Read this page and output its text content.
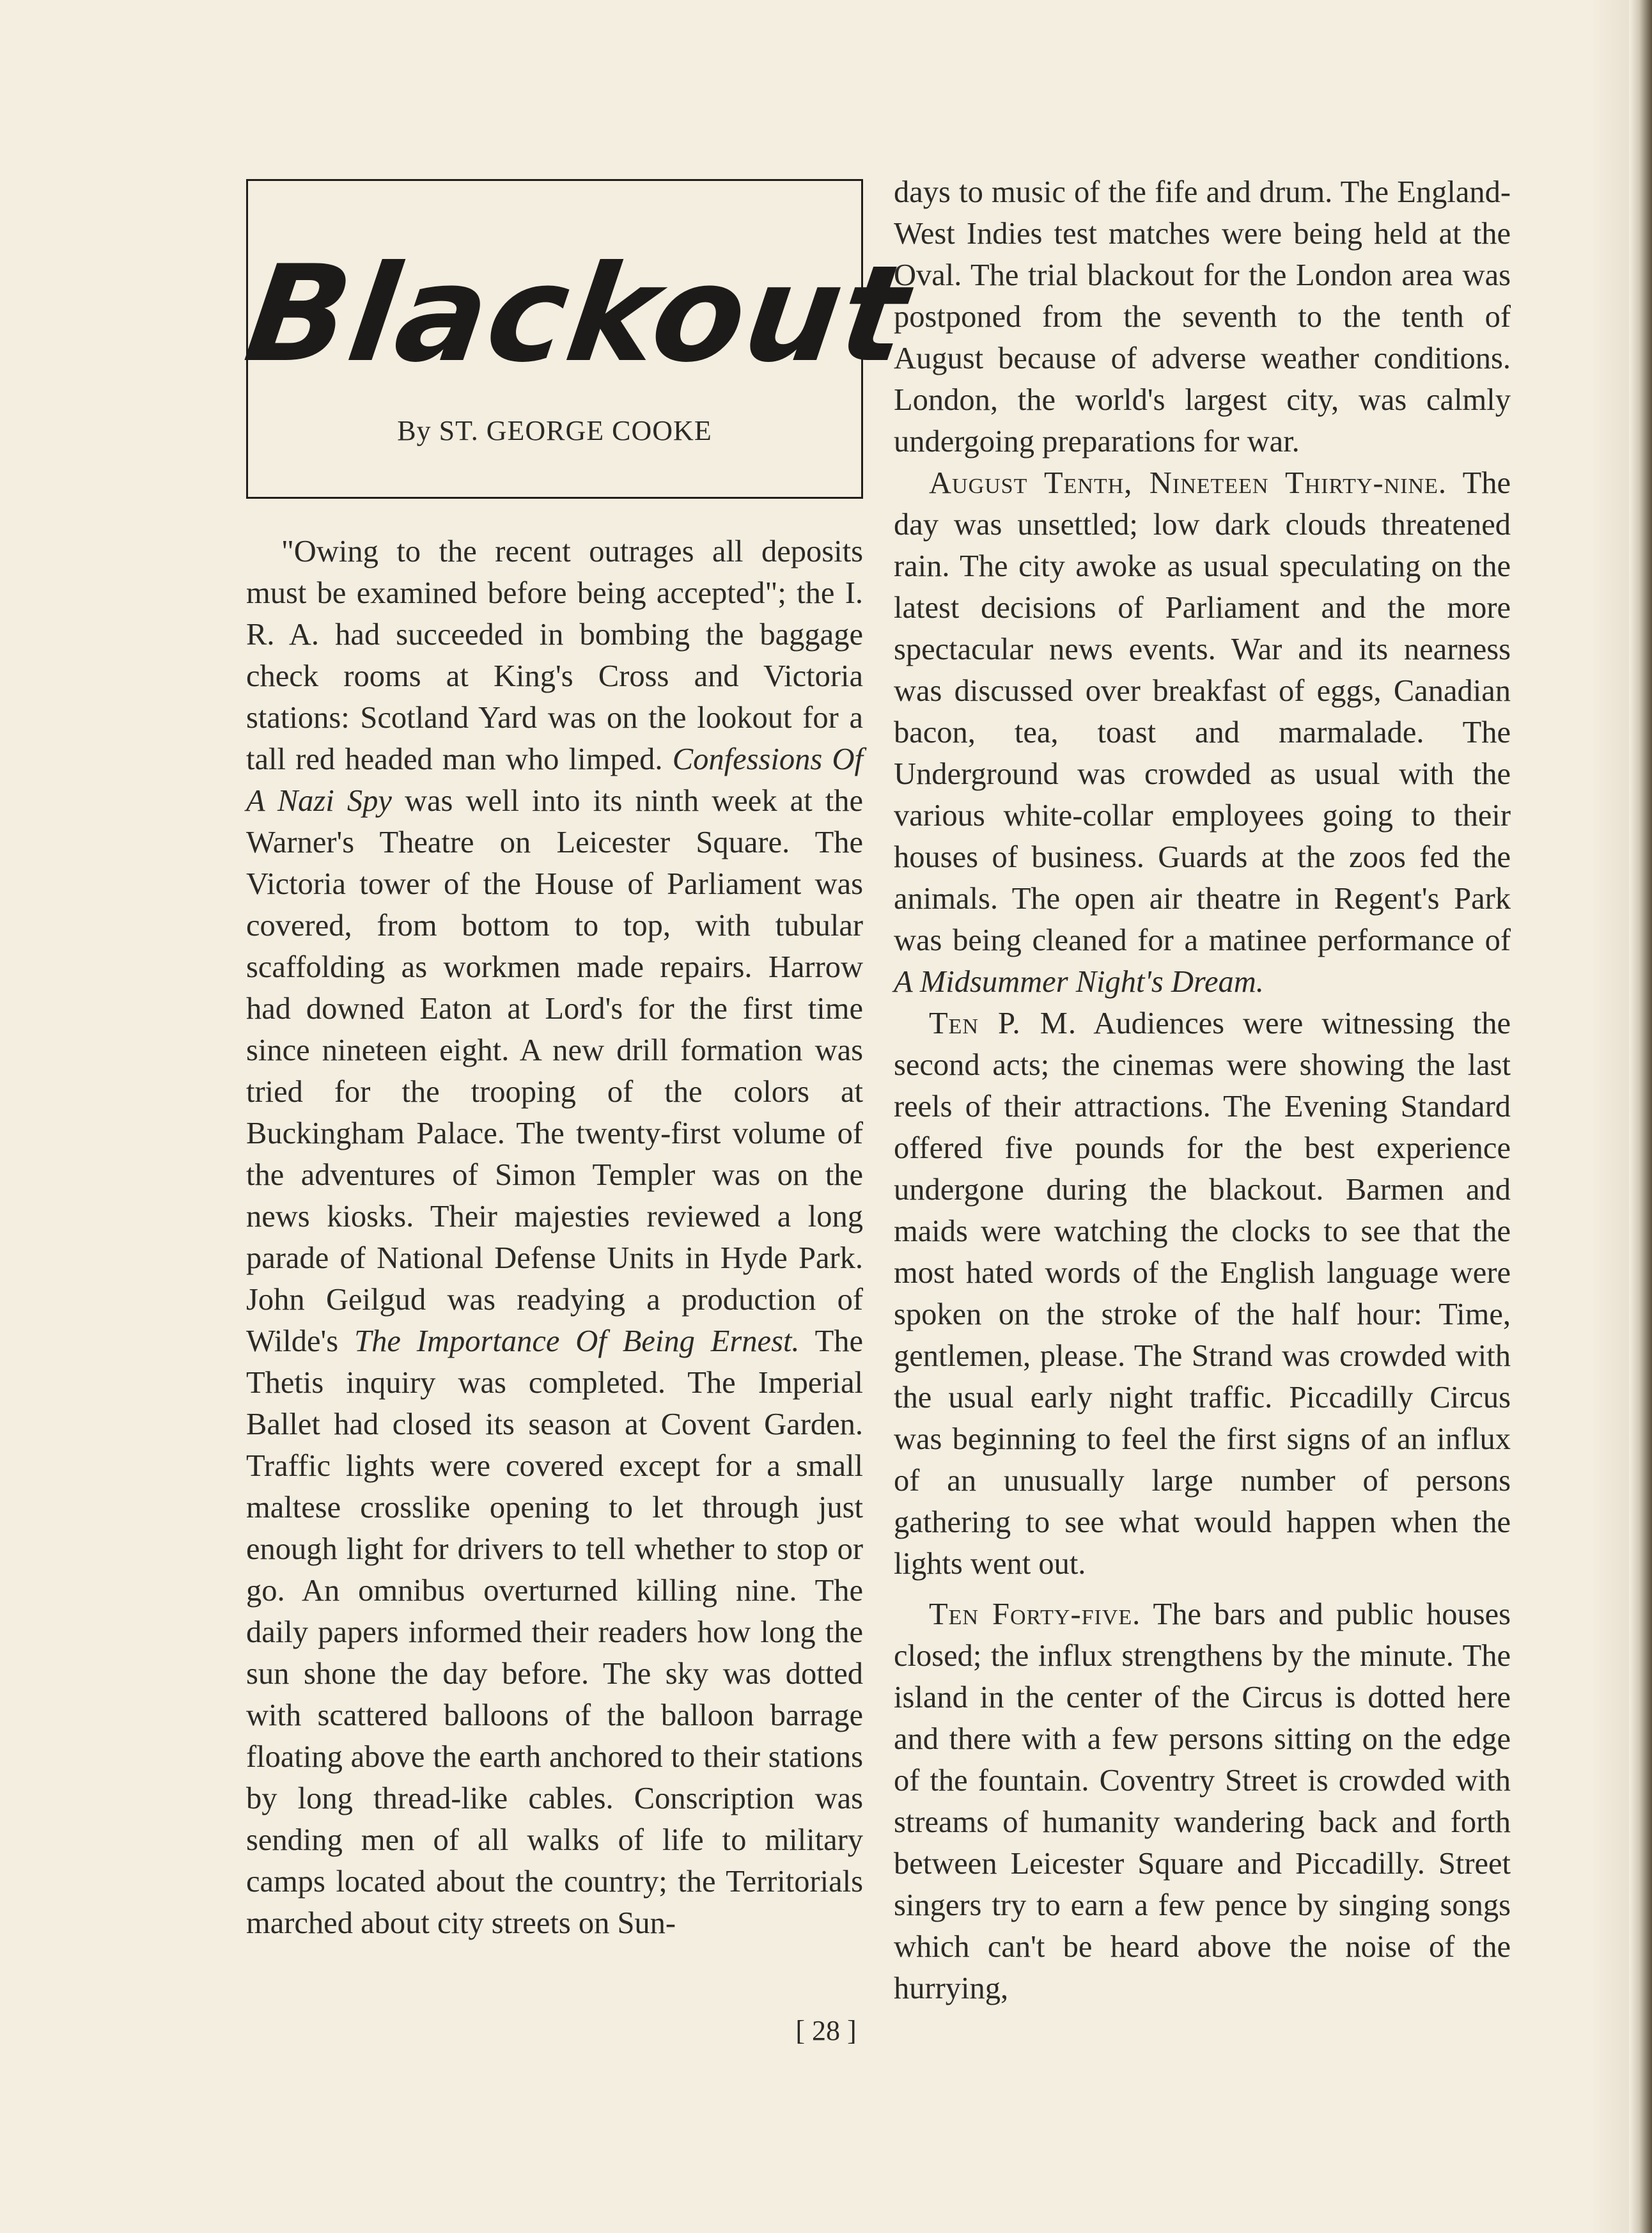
Blackout
By ST. GEORGE COOKE

"Owing to the recent outrages all deposits must be examined before being accepted"; the I. R. A. had succeeded in bombing the baggage check rooms at King's Cross and Victoria stations: Scotland Yard was on the lookout for a tall red headed man who limped. Confessions Of A Nazi Spy was well into its ninth week at the Warner's Theatre on Leicester Square. The Victoria tower of the House of Parliament was covered, from bottom to top, with tubular scaffolding as workmen made repairs. Harrow had downed Eaton at Lord's for the first time since nineteen eight. A new drill formation was tried for the trooping of the colors at Buckingham Palace. The twenty-first volume of the adventures of Simon Templer was on the news kiosks. Their majesties reviewed a long parade of National Defense Units in Hyde Park. John Geilgud was readying a production of Wilde's The Importance Of Being Ernest. The Thetis inquiry was completed. The Imperial Ballet had closed its season at Covent Garden. Traffic lights were covered except for a small maltese crosslike opening to let through just enough light for drivers to tell whether to stop or go. An omnibus overturned killing nine. The daily papers informed their readers how long the sun shone the day before. The sky was dotted with scattered balloons of the balloon barrage floating above the earth anchored to their stations by long thread-like cables. Conscription was sending men of all walks of life to military camps located about the country; the Territorials marched about city streets on Sun-

days to music of the fife and drum. The England-West Indies test matches were being held at the Oval. The trial blackout for the London area was postponed from the seventh to the tenth of August because of adverse weather conditions. London, the world's largest city, was calmly undergoing preparations for war.

August Tenth, Nineteen Thirty-nine. The day was unsettled; low dark clouds threatened rain. The city awoke as usual speculating on the latest decisions of Parliament and the more spectacular news events. War and its nearness was discussed over breakfast of eggs, Canadian bacon, tea, toast and marmalade. The Underground was crowded as usual with the various white-collar employees going to their houses of business. Guards at the zoos fed the animals. The open air theatre in Regent's Park was being cleaned for a matinee performance of A Midsummer Night's Dream.

Ten P. M. Audiences were witnessing the second acts; the cinemas were showing the last reels of their attractions. The Evening Standard offered five pounds for the best experience undergone during the blackout. Barmen and maids were watching the clocks to see that the most hated words of the English language were spoken on the stroke of the half hour: Time, gentlemen, please. The Strand was crowded with the usual early night traffic. Piccadilly Circus was beginning to feel the first signs of an influx of an unusually large number of persons gathering to see what would happen when the lights went out.

Ten Forty-five. The bars and public houses closed; the influx strengthens by the minute. The island in the center of the Circus is dotted here and there with a few persons sitting on the edge of the fountain. Coventry Street is crowded with streams of humanity wandering back and forth between Leicester Square and Piccadilly. Street singers try to earn a few pence by singing songs which can't be heard above the noise of the hurrying,

[ 28 ]
